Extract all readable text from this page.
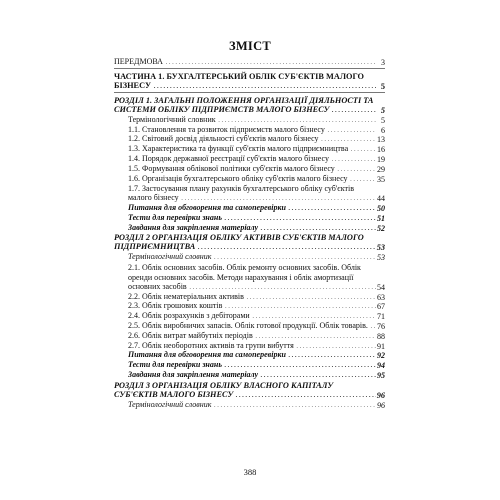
ЗМІСТ
ПЕРЕДМОВА . . .	3
ЧАСТИНА 1. БУХГАЛТЕРСЬКИЙ ОБЛІК СУБ'ЄКТІВ МАЛОГО
БІЗНЕСУ . . .	5
РОЗДІЛ 1. ЗАГАЛЬНІ ПОЛОЖЕННЯ ОРГАНІЗАЦІЇ ДІЯЛЬНОСТІ ТА
СИСТЕМИ ОБЛІКУ ПІДПРИЄМСТВ МАЛОГО БІЗНЕСУ . . .	5
Термінологічний словник . . .	5
1.1. Становлення та розвиток підприємств малого бізнесу . . .	6
1.2. Світовий досвід діяльності суб'єктів малого бізнесу . . .	13
1.3. Характеристика та функції суб'єктів малого підприємництва . . .	16
1.4. Порядок державної реєстрації суб'єктів малого бізнесу . . .	19
1.5. Формування облікової політики суб'єктів малого бізнесу . . .	29
1.6. Організація бухгалтерського обліку суб'єктів малого бізнесу . . .	35
1.7. Застосування плану рахунків бухгалтерського обліку суб'єктів
малого бізнесу . . .	44
Питання для обговорення та самоперевірки . . .	50
Тести для перевірки знань . . .	51
Завдання для закріплення матеріалу . . .	52
РОЗДІЛ 2 ОРГАНІЗАЦІЯ ОБЛІКУ АКТИВІВ СУБ'ЄКТІВ МАЛОГО
ПІДПРИЄМНИЦТВА . . .	53
Термінологічний словник . . .	53
2.1. Облік основних засобів. Облік ремонту основних засобів. Облік
оренди основних засобів. Методи нарахування і облік амортизації
основних засобів . . .	54
2.2. Облік нематеріальних активів . . .	63
2.3. Облік грошових коштів . . .	67
2.4. Облік розрахунків з дебіторами . . .	71
2.5. Облік виробничих запасів. Облік готової продукції. Облік товарів. . . .	76
2.6. Облік витрат майбутніх періодів . . .	88
2.7. Облік необоротних активів та групи вибуття . . .	91
Питання для обговорення та самоперевірки . . .	92
Тести для перевірки знань . . .	94
Завдання для закріплення матеріалу . . .	95
РОЗДІЛ 3 ОРГАНІЗАЦІЯ ОБЛІКУ ВЛАСНОГО КАПІТАЛУ
СУБ'ЄКТІВ МАЛОГО БІЗНЕСУ . . .	96
Термінологічний словник . . .	96
388
